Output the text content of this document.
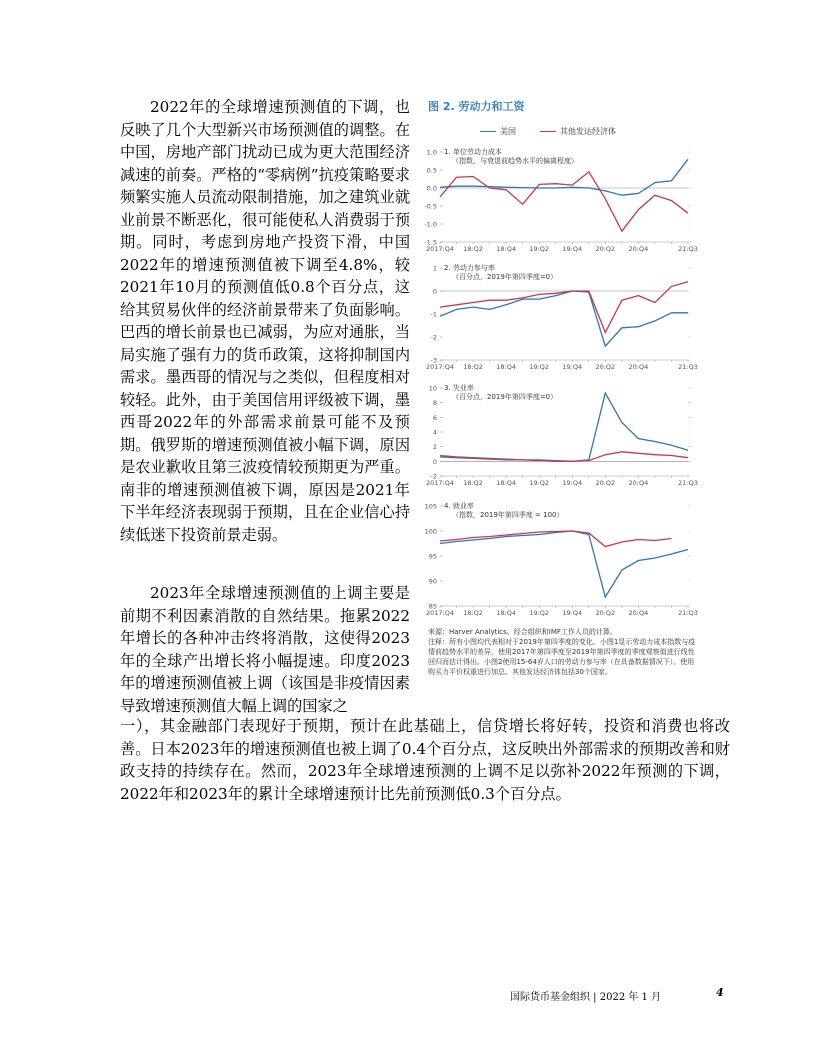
2022年的全球增速预测值的下调，也反映了几个大型新兴市场预测值的调整。在中国，房地产部门扰动已成为更大范围经济减速的前奏。严格的“零病例”抗疫策略要求频繁实施人员流动限制措施，加之建筑业就业前景不断恶化，很可能使私人消费弱于预期。同时，考虑到房地产投资下滑，中国2022年的增速预测值被下调至4.8%，较2021年10月的预测值低0.8个百分点，这给其贸易伙伴的经济前景带来了负面影响。巴西的增长前景也已减弱，为应对通胀，当局实施了强有力的货币政策，这将抑制国内需求。墨西哥的情况与之类似，但程度相对较轻。此外，由于美国信用评级被下调，墨西哥2022年的外部需求前景可能不及预期。俄罗斯的增速预测值被小幅下调，原因是农业歉收且第三波疫情较预期更为严重。南非的增速预测值被下调，原因是2021年下半年经济表现弱于预期，且在企业信心持续低迷下投资前景走弱。

2023年全球增速预测值的上调主要是前期不利因素消散的自然结果。拖累2022年增长的各种冲击终将消散，这使得2023年的全球产出增长将小幅提速。印度2023年的增速预测值被上调（该国是非疫情因素导致增速预测值大幅上调的国家之
一），其金融部门表现好于预期，预计在此基础上，信贷增长将好转，投资和消费也将改善。日本2023年的增速预测值也被上调了0.4个百分点，这反映出外部需求的预期改善和财政支持的持续存在。然而，2023年全球增速预测的上调不足以弥补2022年预测的下调，2022年和2023年的累计全球增速预计比先前预测低0.3个百分点。
图 2. 劳动力和工资
美国	其他发达经济体
1. 单位劳动力成本
（指数，与衰退前趋势水平的偏离程度）
1.0
0.5
0.0
-0.5
-1.0
-1.5
2017:Q4 18:Q2 18:Q4 19:Q2 19:Q4 20:Q2 20:Q4	21:Q3
2. 劳动力参与率
（百分点，2019年第四季度=0）
1
0
-1
-2
-3
2017:Q4 18:Q2 18:Q4 19:Q2 19:Q4 20:Q2 20:Q4	21:Q3
3. 失业率
（百分点，2019年第四季度=0）
10
8
6
4
2
0
-2
2017:Q4 18:Q2 18:Q4 19:Q2 19:Q4 20:Q2 20:Q4	21:Q3
4. 就业率
（指数，2019年第四季度 = 100）
105
100
95
90
85
2017:Q4 18:Q2 18:Q4 19:Q2 19:Q4 20:Q2 20:Q4	21:Q3
来源：Harver Analytics、经合组织和IMF工作人员的计算。
注释：所有小图均代表相对于2019年第四季度的变化。小图1显示劳动力成本指数与疫情前趋势水平的差异，使用2017年第四季度至2019年第四季度的季度观察值进行线性回归而估计得出。小图2使用15-64岁人口的劳动力参与率（在具备数据情况下）。使用购买力平价权重进行加总。其他发达经济体包括30个国家。
国际货币基金组织 | 2022 年 1 月	4
